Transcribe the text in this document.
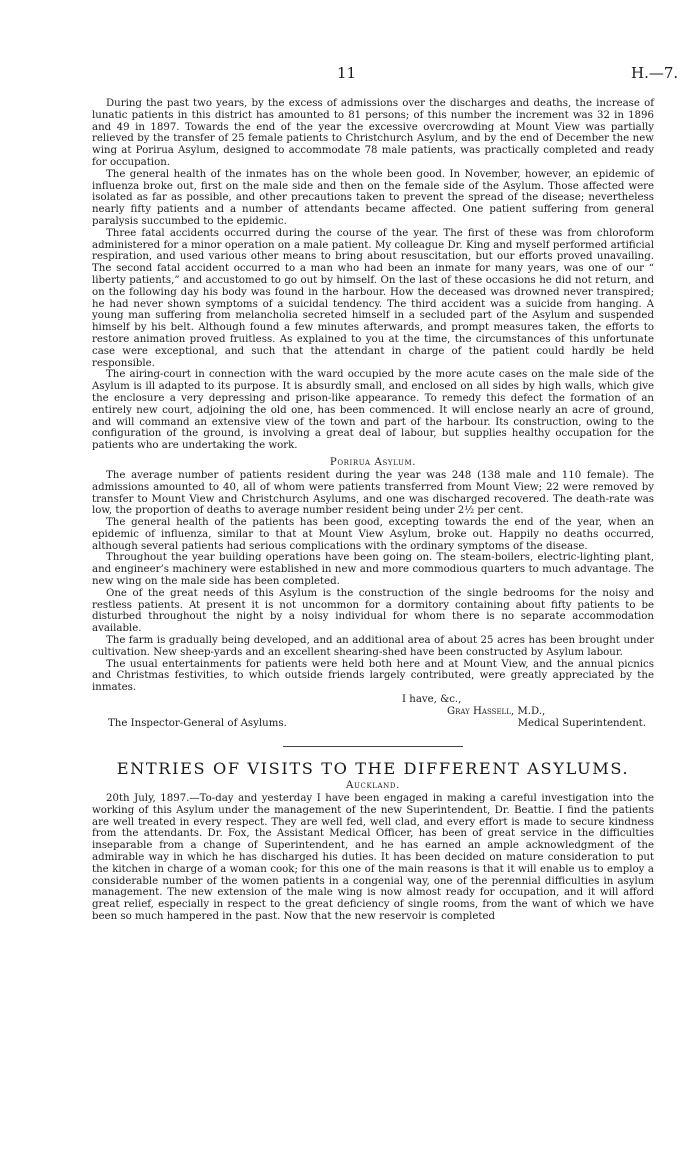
11	H.—7.

During the past two years, by the excess of admissions over the discharges and deaths, the increase of lunatic patients in this district has amounted to 81 persons; of this number the increment was 32 in 1896 and 49 in 1897. Towards the end of the year the excessive overcrowding at Mount View was partially relieved by the transfer of 25 female patients to Christchurch Asylum, and by the end of December the new wing at Porirua Asylum, designed to accommodate 78 male patients, was practically completed and ready for occupation.

The general health of the inmates has on the whole been good. In November, however, an epidemic of influenza broke out, first on the male side and then on the female side of the Asylum. Those affected were isolated as far as possible, and other precautions taken to prevent the spread of the disease; nevertheless nearly fifty patients and a number of attendants became affected. One patient suffering from general paralysis succumbed to the epidemic.

Three fatal accidents occurred during the course of the year. The first of these was from chloroform administered for a minor operation on a male patient. My colleague Dr. King and myself performed artificial respiration, and used various other means to bring about resuscitation, but our efforts proved unavailing. The second fatal accident occurred to a man who had been an inmate for many years, was one of our “ liberty patients,” and accustomed to go out by himself. On the last of these occasions he did not return, and on the following day his body was found in the harbour. How the deceased was drowned never transpired; he had never shown symptoms of a suicidal tendency. The third accident was a suicide from hanging. A young man suffering from melancholia secreted himself in a secluded part of the Asylum and suspended himself by his belt. Although found a few minutes afterwards, and prompt measures taken, the efforts to restore animation proved fruitless. As explained to you at the time, the circumstances of this unfortunate case were exceptional, and such that the attendant in charge of the patient could hardly be held responsible.

The airing-court in connection with the ward occupied by the more acute cases on the male side of the Asylum is ill adapted to its purpose. It is absurdly small, and enclosed on all sides by high walls, which give the enclosure a very depressing and prison-like appearance. To remedy this defect the formation of an entirely new court, adjoining the old one, has been commenced. It will enclose nearly an acre of ground, and will command an extensive view of the town and part of the harbour. Its construction, owing to the configuration of the ground, is involving a great deal of labour, but supplies healthy occupation for the patients who are undertaking the work.

Porirua Asylum.

The average number of patients resident during the year was 248 (138 male and 110 female). The admissions amounted to 40, all of whom were patients transferred from Mount View; 22 were removed by transfer to Mount View and Christchurch Asylums, and one was discharged recovered. The death-rate was low, the proportion of deaths to average number resident being under 2½ per cent.

The general health of the patients has been good, excepting towards the end of the year, when an epidemic of influenza, similar to that at Mount View Asylum, broke out. Happily no deaths occurred, although several patients had serious complications with the ordinary symptoms of the disease.

Throughout the year building operations have been going on. The steam-boilers, electric-lighting plant, and engineer’s machinery were established in new and more commodious quarters to much advantage. The new wing on the male side has been completed.

One of the great needs of this Asylum is the construction of the single bedrooms for the noisy and restless patients. At present it is not uncommon for a dormitory containing about fifty patients to be disturbed throughout the night by a noisy individual for whom there is no separate accommodation available.

The farm is gradually being developed, and an additional area of about 25 acres has been brought under cultivation. New sheep-yards and an excellent shearing-shed have been constructed by Asylum labour.

The usual entertainments for patients were held both here and at Mount View, and the annual picnics and Christmas festivities, to which outside friends largely contributed, were greatly appreciated by the inmates.

I have, &c.,
Gray Hassell, M.D.,
The Inspector-General of Asylums.	Medical Superintendent.
ENTRIES OF VISITS TO THE DIFFERENT ASYLUMS.
Auckland.

20th July, 1897.—To-day and yesterday I have been engaged in making a careful investigation into the working of this Asylum under the management of the new Superintendent, Dr. Beattie. I find the patients are well treated in every respect. They are well fed, well clad, and every effort is made to secure kindness from the attendants. Dr. Fox, the Assistant Medical Officer, has been of great service in the difficulties inseparable from a change of Superintendent, and he has earned an ample acknowledgment of the admirable way in which he has discharged his duties. It has been decided on mature consideration to put the kitchen in charge of a woman cook; for this one of the main reasons is that it will enable us to employ a considerable number of the women patients in a congenial way, one of the perennial difficulties in asylum management. The new extension of the male wing is now almost ready for occupation, and it will afford great relief, especially in respect to the great deficiency of single rooms, from the want of which we have been so much hampered in the past. Now that the new reservoir is completed
